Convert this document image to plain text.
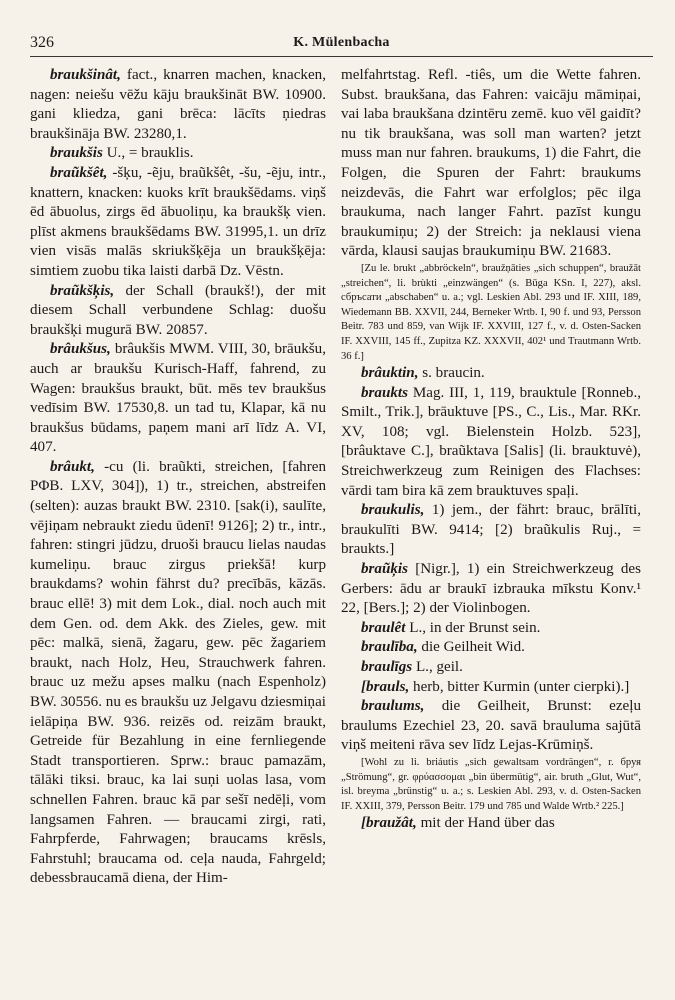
326	K. Mülenbacha

braukšinât, fact., knarren machen, knacken, nagen: neiešu vēžu kāju braukšināt BW. 10900. gani kliedza, gani brēca: lācīts ņiedras braukšināja BW. 23280,1.

braukšis U., = brauklis.

braũkšêt, -šķu, -ẽju, braũkšêt, -šu, -ẽju, intr., knattern, knacken: kuoks krīt braukšēdams. viņš ēd ābuolus, zirgs ēd ābuoliņu, ka braukšķ vien. plīst akmens braukšēdams BW. 31995,1. un drīz vien visās malās skriukšķēja un braukšķēja: simtiem zuobu tika laisti darbā Dz. Vēstn.

braũkšķis, der Schall (braukš!), der mit diesem Schall verbundene Schlag: duošu braukšķi mugurā BW. 20857.

brâukšus, brâukšis MWM. VIII, 30, brāukšu, auch ar braukšu Kurisch-Haff, fahrend, zu Wagen: braukšus braukt, būt. mēs tev braukšus vedīsim BW. 17530,8. un tad tu, Klapar, kā nu braukšus būdams, paņem mani arī līdz A. VI, 407.

brâukt, -cu (li. braũkti, streichen, [fahren PΦB. LXV, 304]), 1) tr., streichen, abstreifen (selten): auzas braukt BW. 2310. [sak(i), saulīte, vējiņam nebraukt ziedu ūdenī! 9126]; 2) tr., intr., fahren: stingri jūdzu, druoši braucu lielas naudas kumeliņu. brauc zirgus priekšā! kurp braukdams? wohin fährst du? precībās, kāzās. brauc ellē! 3) mit dem Lok., dial. noch auch mit dem Gen. od. dem Akk. des Zieles, gew. mit pēc: malkā, sienā, žagaru, gew. pēc žagariem braukt, nach Holz, Heu, Strauchwerk fahren. brauc uz mežu apses malku (nach Espenholz) BW. 30556. nu es braukšu uz Jelgavu dziesmiņai ielāpiņa BW. 936. reizēs od. reizām braukt, Getreide für Bezahlung in eine fernliegende Stadt transportieren. Sprw.: brauc pamazām, tālāki tiksi. brauc, ka lai suņi uolas lasa, vom schnellen Fahren. brauc kā par sešī nedēļi, vom langsamen Fahren. — braucami zirgi, rati, Fahrpferde, Fahrwagen; braucams krēsls, Fahrstuhl; braucama od. ceļa nauda, Fahrgeld; debessbraucamā diena, der Him-

melfahrtstag. Refl. -tiês, um die Wette fahren. Subst. braukšana, das Fahren: vaicāju māmiņai, vai laba braukšana dzintēru zemē. kuo vēl gaidīt? nu tik braukšana, was soll man warten? jetzt muss man nur fahren. braukums, 1) die Fahrt, die Folgen, die Spuren der Fahrt: braukums neizdevās, die Fahrt war erfolglos; pēc ilga braukuma, nach langer Fahrt. pazīst kungu braukumiņu; 2) der Streich: ja neklausi viena vārda, klausi saujas braukumiņu BW. 21683.

[Zu le. brukt „abbröckeln“, braužņāties „sich schuppen“, braužāt „streichen“, li. brùkti „einzwängen“ (s. Būga KSn. I, 227), aksl. сбръсати „abschaben“ u. a.; vgl. Leskien Abl. 293 und IF. XIII, 189, Wiedemann BB. XXVII, 244, Berneker Wrtb. I, 90 f. und 93, Persson Beitr. 783 und 859, van Wijk IF. XXVIII, 127 f., v. d. Osten-Sacken IF. XXVIII, 145 ff., Zupitza KZ. XXXVII, 402¹ und Trautmann Wrtb. 36 f.]

brâuktin, s. braucin.

braukts Mag. III, 1, 119, brauktule [Ronneb., Smilt., Trik.], brāuktuve [PS., C., Lis., Mar. RKr. XV, 108; vgl. Bielenstein Holzb. 523], [brâuktave C.], braũktava [Salis] (li. brauktuvė), Streichwerkzeug zum Reinigen des Flachses: vārdi tam bira kā zem brauktuves spaļi.

braukulis, 1) jem., der fährt: brauc, brālīti, braukulīti BW. 9414; [2) braũkulis Ruj., = braukts.]

braũķis [Nigr.], 1) ein Streichwerkzeug des Gerbers: ādu ar braukī izbrauka mīkstu Konv.¹ 22, [Bers.]; 2) der Violinbogen.

braulêt L., in der Brunst sein.

braulība, die Geilheit Wid.

braulīgs L., geil.

[brauls, herb, bitter Kurmin (unter cierpki).]

braulums, die Geilheit, Brunst: ezeļu braulums Ezechiel 23, 20. savā brauluma sajūtā viņš meiteni rāva sev līdz Lejas-Krūmiņš.

[Wohl zu li. briáutis „sich gewaltsam vordrängen“, r. бруя „Strömung“, gr. φρύασσομαι „bin übermütig“, air. bruth „Glut, Wut“, isl. breyma „brünstig“ u. a.; s. Leskien Abl. 293, v. d. Osten-Sacken IF. XXIII, 379, Persson Beitr. 179 und 785 und Walde Wrtb.² 225.]

[braužât, mit der Hand über das
